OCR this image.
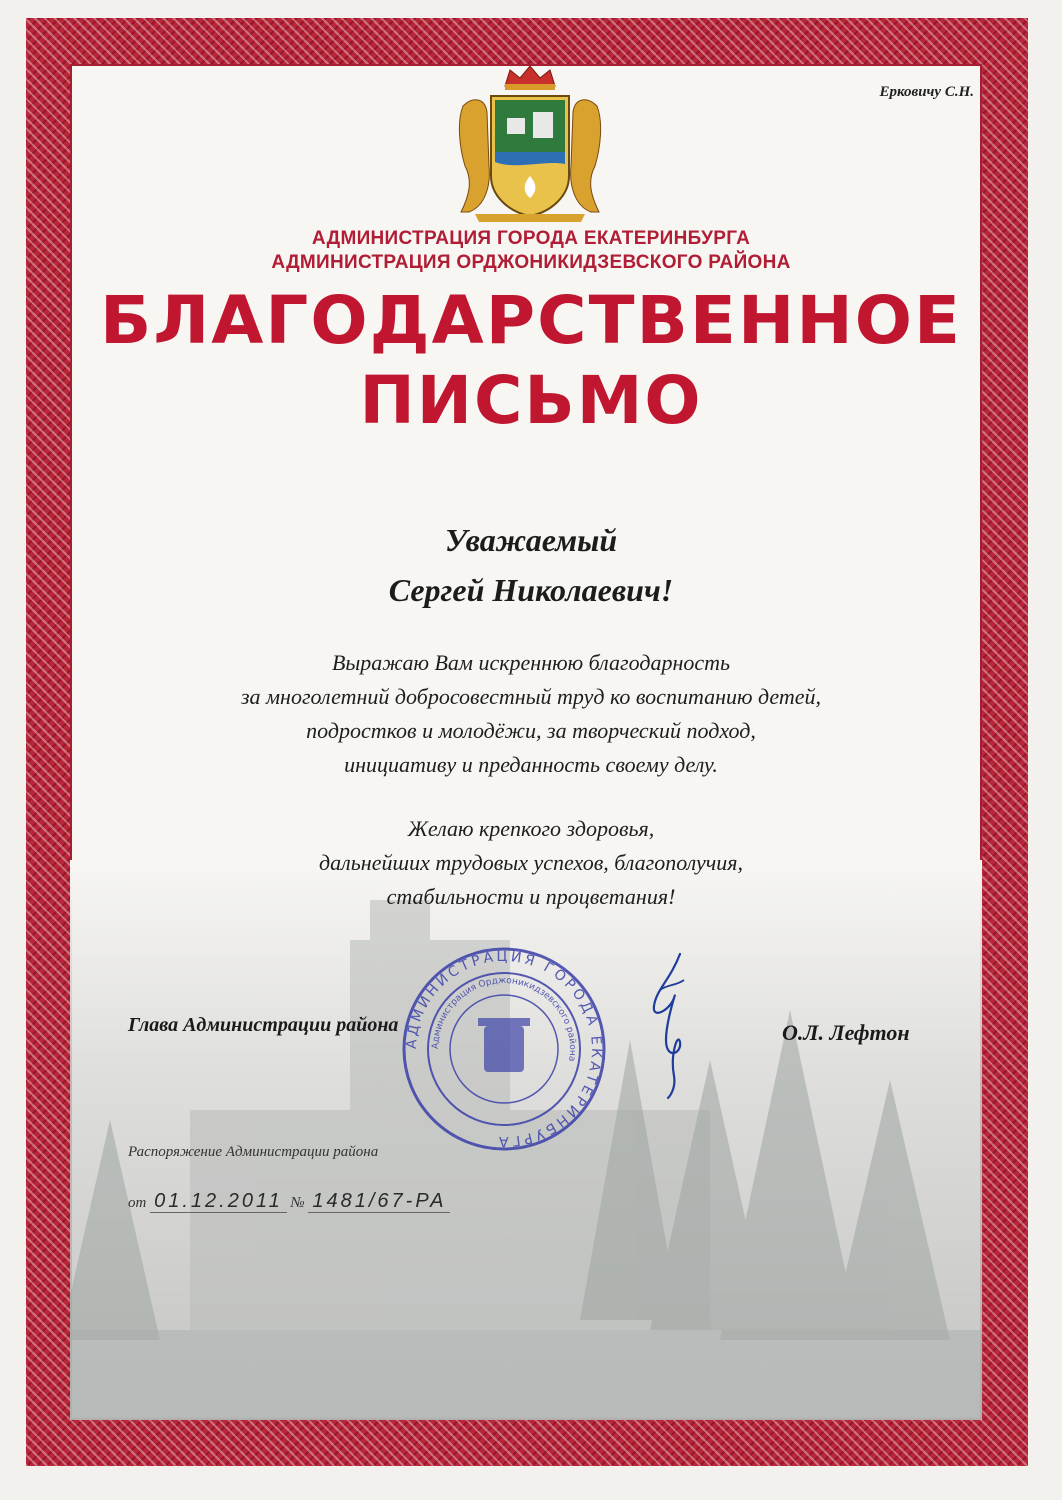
Ерковичу С.Н.
АДМИНИСТРАЦИЯ ГОРОДА ЕКАТЕРИНБУРГА
АДМИНИСТРАЦИЯ ОРДЖОНИКИДЗЕВСКОГО РАЙОНА
БЛАГОДАРСТВЕННОЕ
ПИСЬМО
Уважаемый
Сергей Николаевич!
Выражаю Вам искреннюю благодарность
за многолетний добросовестный труд ко воспитанию детей,
подростков и молодёжи, за творческий подход,
инициативу и преданность своему делу.
Желаю крепкого здоровья,
дальнейших трудовых успехов, благополучия,
стабильности и процветания!
Глава Администрации района
АДМИНИСТРАЦИЯ ГОРОДА ЕКАТЕРИНБУРГА
Администрация Орджоникидзевского района
О.Л. Лефтон
Распоряжение Администрации района
от 01.12.2011 № 1481/67-РА
